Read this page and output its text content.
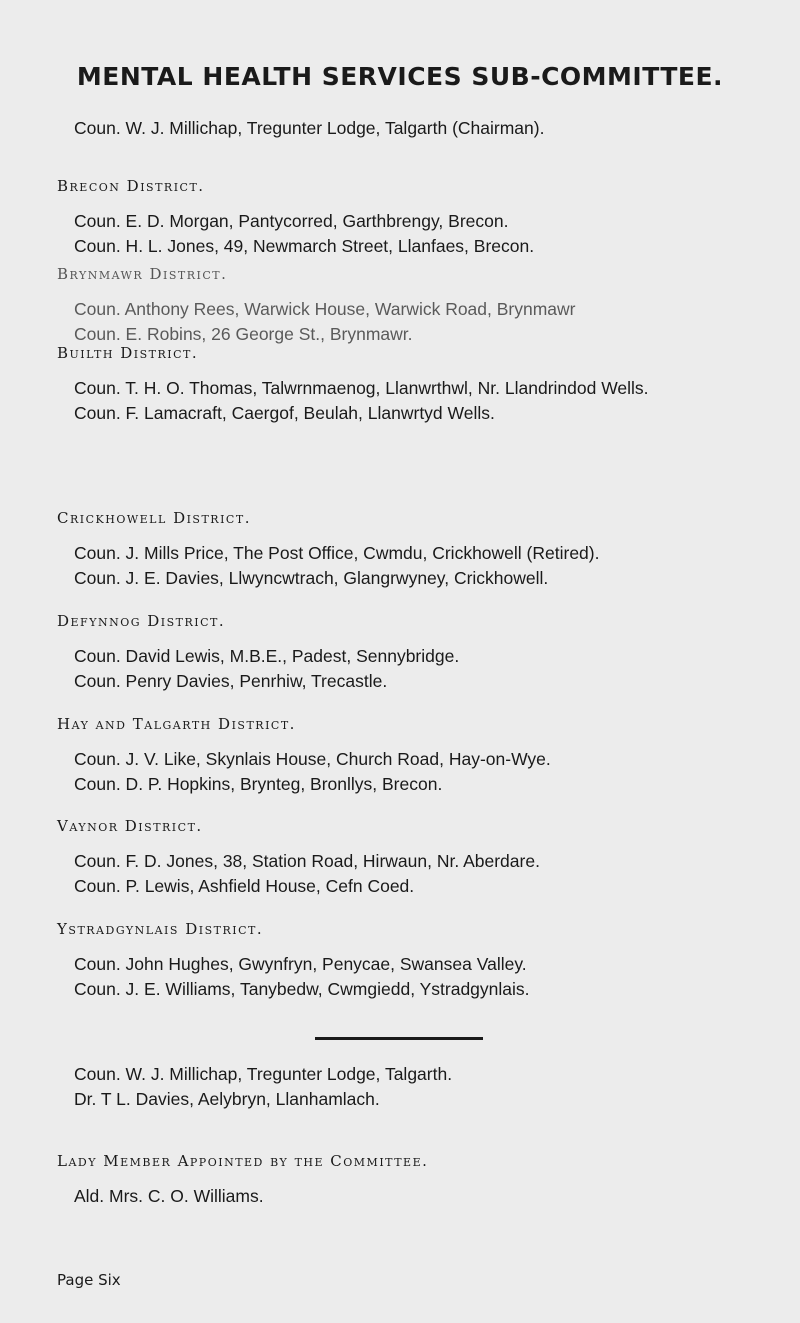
MENTAL HEALTH SERVICES SUB-COMMITTEE.
Coun. W. J. Millichap, Tregunter Lodge, Talgarth (Chairman).
Brecon District.
Coun. E. D. Morgan, Pantycorred, Garthbrengy, Brecon.
Coun. H. L. Jones, 49, Newmarch Street, Llanfaes, Brecon.
Brynmawr District.
Coun. Anthony Rees, Warwick House, Warwick Road, Brynmawr
Coun. E. Robins, 26 George St., Brynmawr.
Builth District.
Coun. T. H. O. Thomas, Talwrnmaenog, Llanwrthwl, Nr. Llandrindod Wells.
Coun. F. Lamacraft, Caergof, Beulah, Llanwrtyd Wells.
Crickhowell District.
Coun. J. Mills Price, The Post Office, Cwmdu, Crickhowell (Retired).
Coun. J. E. Davies, Llwyncwtrach, Glangrwyney, Crickhowell.
Defynnog District.
Coun. David Lewis, M.B.E., Padest, Sennybridge.
Coun. Penry Davies, Penrhiw, Trecastle.
Hay and Talgarth District.
Coun. J. V. Like, Skynlais House, Church Road, Hay-on-Wye.
Coun. D. P. Hopkins, Brynteg, Bronllys, Brecon.
Vaynor District.
Coun. F. D. Jones, 38, Station Road, Hirwaun, Nr. Aberdare.
Coun. P. Lewis, Ashfield House, Cefn Coed.
Ystradgynlais District.
Coun. John Hughes, Gwynfryn, Penycae, Swansea Valley.
Coun. J. E. Williams, Tanybedw, Cwmgiedd, Ystradgynlais.
Coun. W. J. Millichap, Tregunter Lodge, Talgarth.
Dr. T L. Davies, Aelybryn, Llanhamlach.
Lady Member Appointed by the Committee.
Ald. Mrs. C. O. Williams.
Page Six
